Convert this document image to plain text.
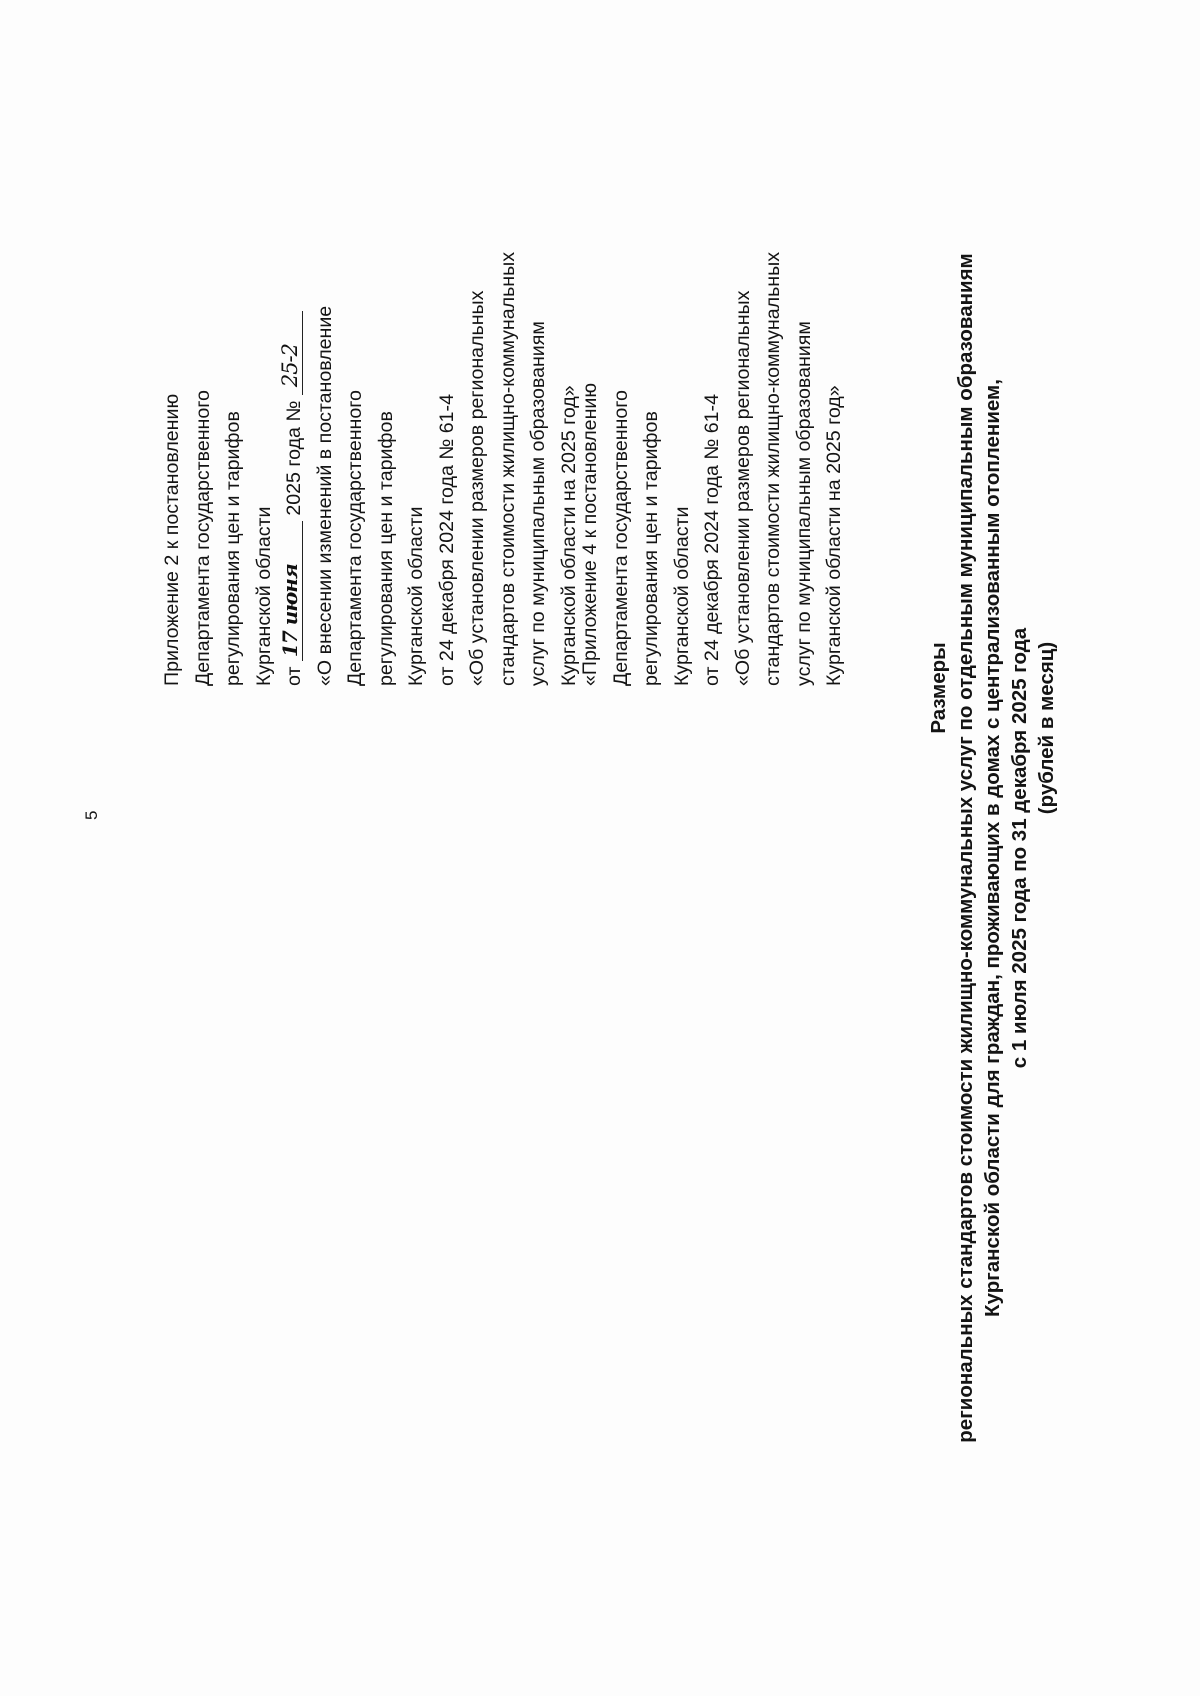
5
Приложение 2 к постановлению Департамента государственного регулирования цен и тарифов Курганской области от
17 июня
2025 года №
25-2 «О внесении изменений в постановление Департамента государственного регулирования цен и тарифов Курганской области от 24 декабря 2024 года № 61-4 «Об установлении размеров региональных стандартов стоимости жилищно-коммунальных услуг по муниципальным образованиям Курганской области на 2025 год» «Приложение 4 к постановлению Департамента государственного регулирования цен и тарифов Курганской области от 24 декабря 2024 года № 61-4 «Об установлении размеров региональных стандартов стоимости жилищно-коммунальных услуг по муниципальным образованиям Курганской области на 2025 год»
Размеры региональных стандартов стоимости жилищно-коммунальных услуг по отдельным муниципальным образованиям Курганской области для граждан, проживающих в домах с централизованным отоплением, с 1 июля 2025 года по 31 декабря 2025 года (рублей в месяц)
